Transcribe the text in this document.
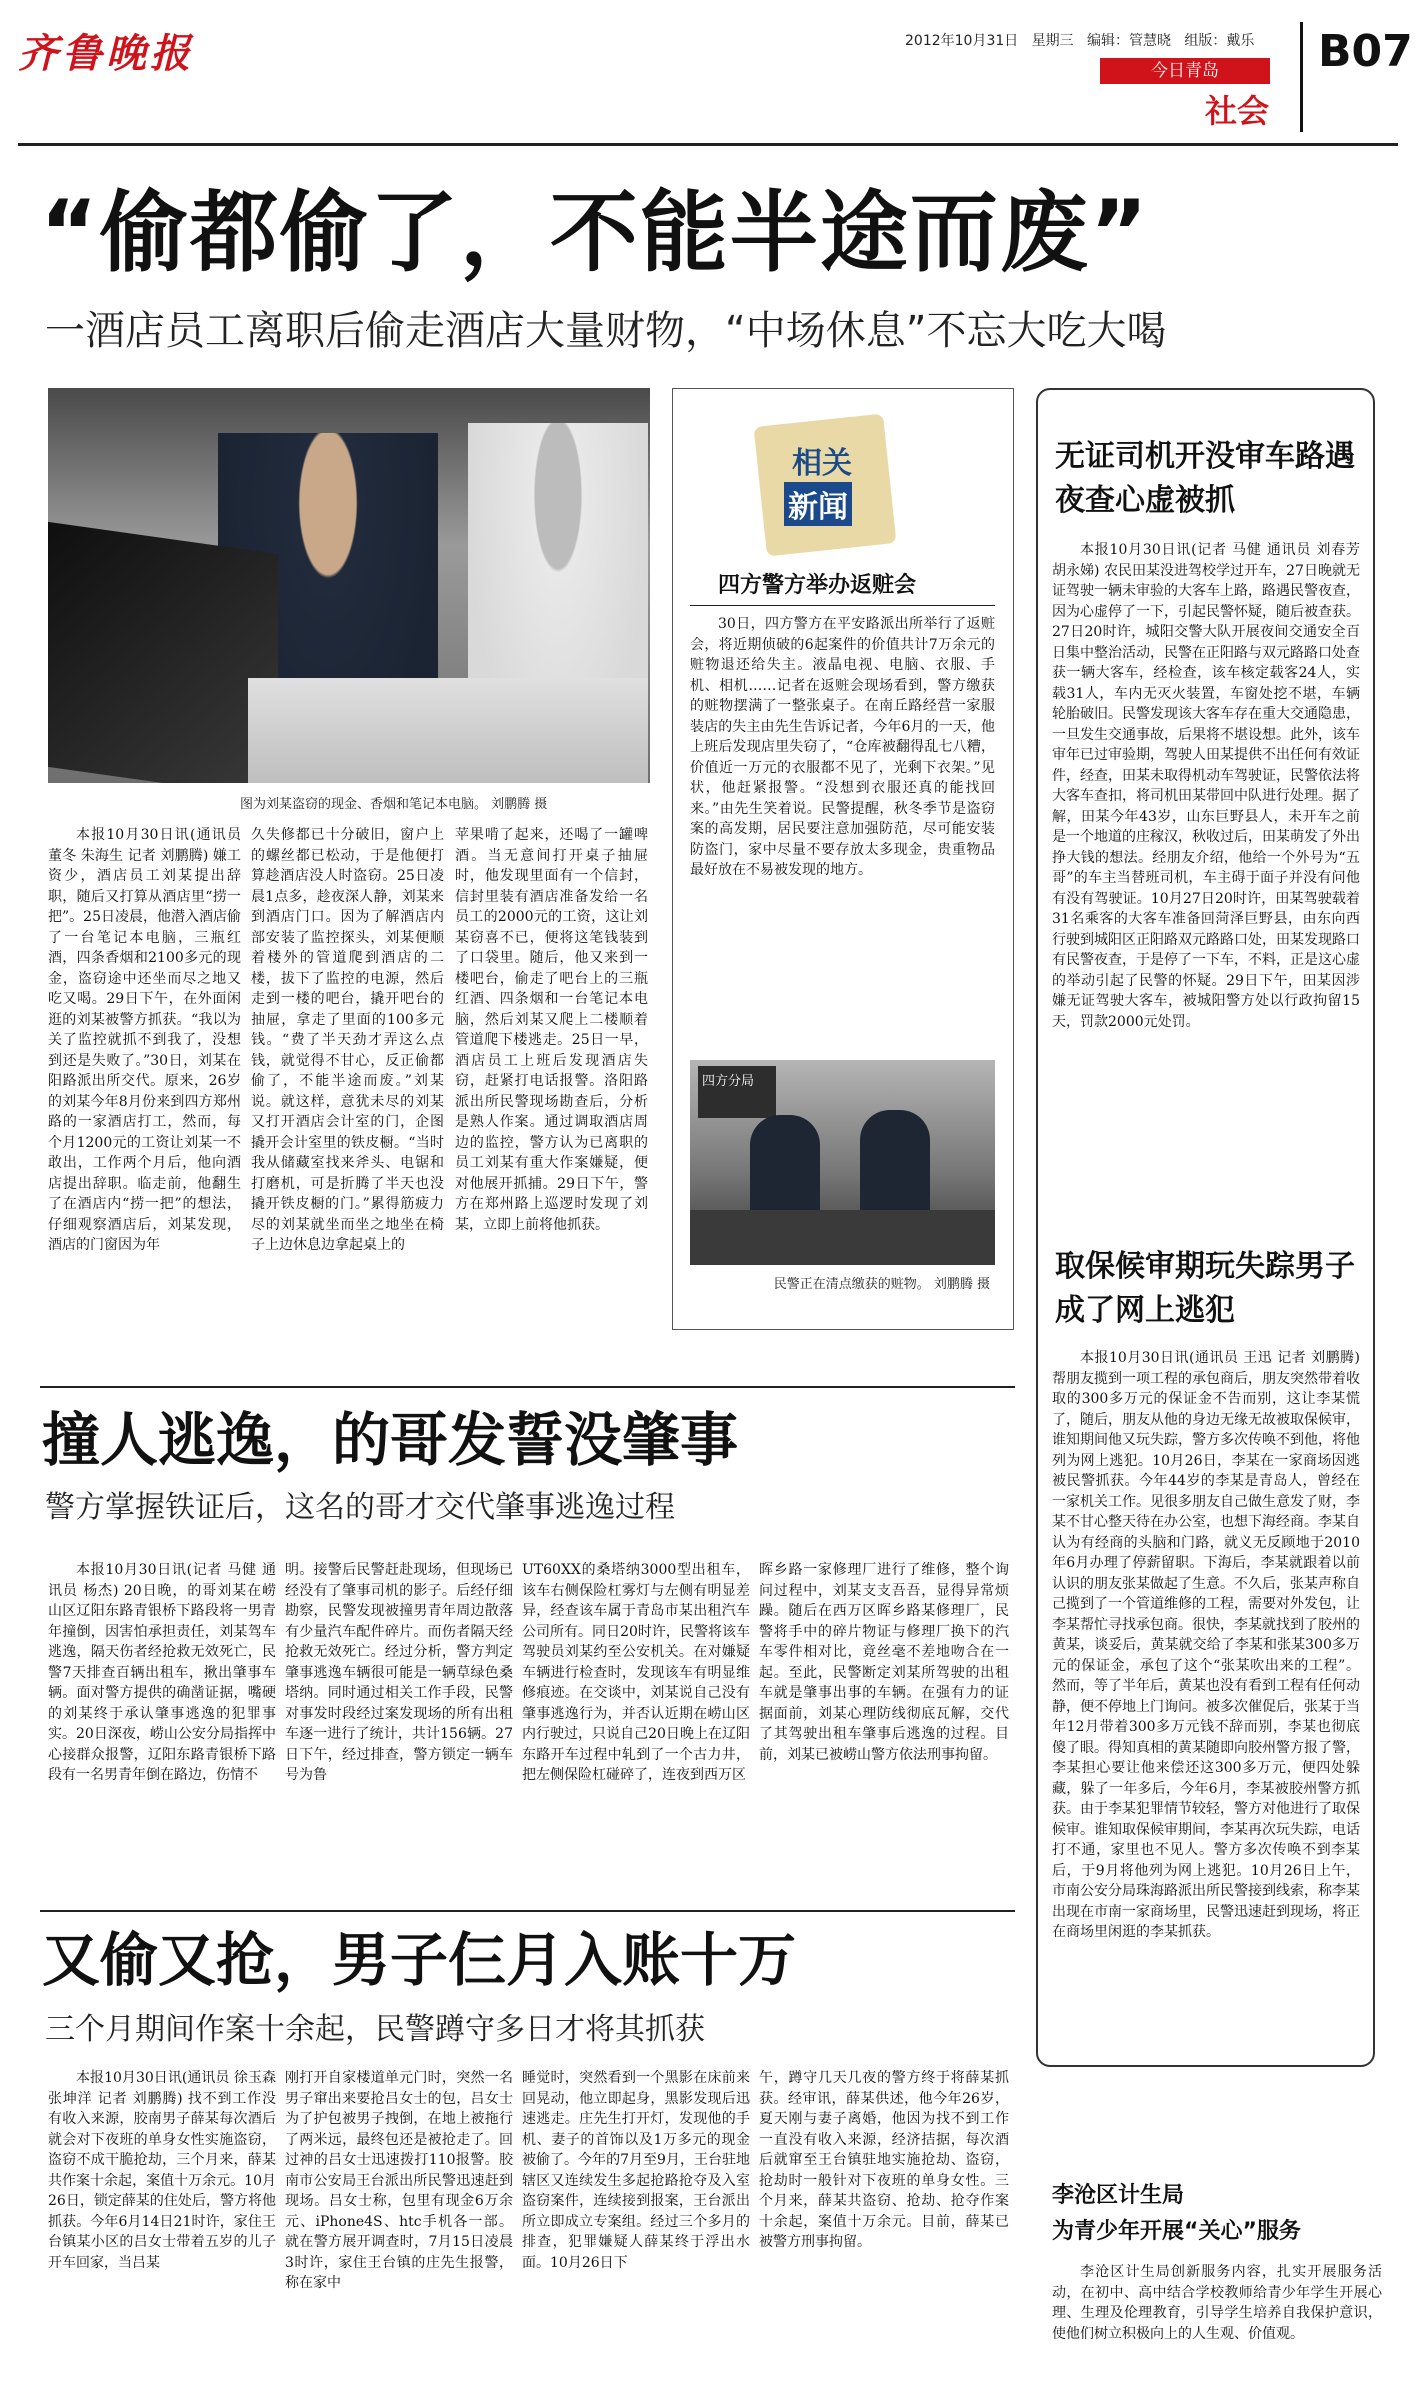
齐鲁晚报	2012年10月31日 星期三 编辑：管慧晓 组版：戴乐
今日青岛
社会
B07
“偷都偷了，不能半途而废”
一酒店员工离职后偷走酒店大量财物，“中场休息”不忘大吃大喝
图为刘某盗窃的现金、香烟和笔记本电脑。 刘鹏腾 摄

本报10月30日讯(通讯员 董冬 朱海生 记者 刘鹏腾) 嫌工资少，酒店员工刘某提出辞职，随后又打算从酒店里“捞一把”。25日凌晨，他潜入酒店偷了一台笔记本电脑，三瓶红酒，四条香烟和2100多元的现金，盗窃途中还坐而尽之地又吃又喝。29日下午，在外面闲逛的刘某被警方抓获。“我以为关了监控就抓不到我了，没想到还是失败了。”30日，刘某在阳路派出所交代。原来，26岁的刘某今年8月份来到四方郑州路的一家酒店打工，然而，每个月1200元的工资让刘某一不敢出，工作两个月后，他向酒店提出辞职。临走前，他翻生了在酒店内“捞一把”的想法，仔细观察酒店后，刘某发现，酒店的门窗因为年

久失修都已十分破旧，窗户上的螺丝都已松动，于是他便打算趁酒店没人时盗窃。25日凌晨1点多，趁夜深人静，刘某来到酒店门口。因为了解酒店内部安装了监控探头，刘某便顺着楼外的管道爬到酒店的二楼，拔下了监控的电源，然后走到一楼的吧台，撬开吧台的抽屉，拿走了里面的100多元钱。“费了半天劲才弄这么点钱，就觉得不甘心，反正偷都偷了，不能半途而废。”刘某说。就这样，意犹未尽的刘某又打开酒店会计室的门，企图撬开会计室里的铁皮橱。“当时我从储藏室找来斧头、电锯和打磨机，可是折腾了半天也没撬开铁皮橱的门。”累得筋疲力尽的刘某就坐而坐之地坐在椅子上边休息边拿起桌上的

苹果啃了起来，还喝了一罐啤酒。当无意间打开桌子抽屉时，他发现里面有一个信封，信封里装有酒店准备发给一名员工的2000元的工资，这让刘某窃喜不已，便将这笔钱装到了口袋里。随后，他又来到一楼吧台，偷走了吧台上的三瓶红酒、四条烟和一台笔记本电脑，然后刘某又爬上二楼顺着管道爬下楼逃走。25日一早，酒店员工上班后发现酒店失窃，赶紧打电话报警。洛阳路派出所民警现场勘查后，分析是熟人作案。通过调取酒店周边的监控，警方认为已离职的员工刘某有重大作案嫌疑，便对他展开抓捕。29日下午，警方在郑州路上巡逻时发现了刘某，立即上前将他抓获。

相关
新闻
四方警方举办返赃会

30日，四方警方在平安路派出所举行了返赃会，将近期侦破的6起案件的价值共计7万余元的赃物退还给失主。液晶电视、电脑、衣服、手机、相机……记者在返赃会现场看到，警方缴获的赃物摆满了一整张桌子。在南丘路经营一家服装店的失主由先生告诉记者，今年6月的一天，他上班后发现店里失窃了，“仓库被翻得乱七八糟，价值近一万元的衣服都不见了，光剩下衣架。”见状，他赶紧报警。“没想到衣服还真的能找回来。”由先生笑着说。民警提醒，秋冬季节是盗窃案的高发期，居民要注意加强防范，尽可能安装防盗门，家中尽量不要存放太多现金，贵重物品最好放在不易被发现的地方。

四方分局
民警正在清点缴获的赃物。 刘鹏腾 摄
撞人逃逸，的哥发誓没肇事
警方掌握铁证后，这名的哥才交代肇事逃逸过程

本报10月30日讯(记者 马健 通讯员 杨杰) 20日晚，的哥刘某在崂山区辽阳东路青银桥下路段将一男青年撞倒，因害怕承担责任，刘某驾车逃逸，隔天伤者经抢救无效死亡，民警7天排查百辆出租车，揪出肇事车辆。面对警方提供的确凿证据，嘴硬的刘某终于承认肇事逃逸的犯罪事实。20日深夜，崂山公安分局指挥中心接群众报警，辽阳东路青银桥下路段有一名男青年倒在路边，伤情不

明。接警后民警赶赴现场，但现场已经没有了肇事司机的影子。后经仔细勘察，民警发现被撞男青年周边散落有少量汽车配件碎片。而伤者隔天经抢救无效死亡。经过分析，警方判定肇事逃逸车辆很可能是一辆草绿色桑塔纳。同时通过相关工作手段，民警对事发时段经过案发现场的所有出租车逐一进行了统计，共计156辆。27日下午，经过排查，警方锁定一辆车号为鲁

UT60XX的桑塔纳3000型出租车，该车右侧保险杠雾灯与左侧有明显差异，经查该车属于青岛市某出租汽车公司所有。同日20时许，民警将该车驾驶员刘某约至公安机关。在对嫌疑车辆进行检查时，发现该车有明显维修痕迹。在交谈中，刘某说自己没有肇事逃逸行为，并否认近期在崂山区内行驶过，只说自己20日晚上在辽阳东路开车过程中轧到了一个古力井，把左侧保险杠碰碎了，连夜到西万区

晖乡路一家修理厂进行了维修，整个询问过程中，刘某支支吾吾，显得异常烦躁。随后在西万区晖乡路某修理厂，民警将手中的碎片物证与修理厂换下的汽车零件相对比，竟丝毫不差地吻合在一起。至此，民警断定刘某所驾驶的出租车就是肇事出事的车辆。在强有力的证据面前，刘某心理防线彻底瓦解，交代了其驾驶出租车肇事后逃逸的过程。目前，刘某已被崂山警方依法刑事拘留。

又偷又抢，男子仨月入账十万
三个月期间作案十余起，民警蹲守多日才将其抓获

本报10月30日讯(通讯员 徐玉森 张坤洋 记者 刘鹏腾) 找不到工作没有收入来源，胶南男子薛某每次酒后就会对下夜班的单身女性实施盗窃，盗窃不成干脆抢劫，三个月来，薛某共作案十余起，案值十万余元。10月26日，锁定薛某的住处后，警方将他抓获。今年6月14日21时许，家住王台镇某小区的吕女士带着五岁的儿子开车回家，当吕某

刚打开自家楼道单元门时，突然一名男子窜出来要抢吕女士的包，吕女士为了护包被男子拽倒，在地上被拖行了两米远，最终包还是被抢走了。回过神的吕女士迅速拨打110报警。胶南市公安局王台派出所民警迅速赶到现场。吕女士称，包里有现金6万余元、iPhone4S、htc手机各一部。就在警方展开调查时，7月15日凌晨3时许，家住王台镇的庄先生报警，称在家中

睡觉时，突然看到一个黑影在床前来回晃动，他立即起身，黑影发现后迅速逃走。庄先生打开灯，发现他的手机、妻子的首饰以及1万多元的现金被偷了。今年的7月至9月，王台驻地辖区又连续发生多起抢路抢夺及入室盗窃案件，连续接到报案，王台派出所立即成立专案组。经过三个多月的排查，犯罪嫌疑人薛某终于浮出水面。10月26日下

午，蹲守几天几夜的警方终于将薛某抓获。经审讯，薛某供述，他今年26岁，夏天刚与妻子离婚，他因为找不到工作一直没有收入来源，经济拮据，每次酒后就窜至王台镇驻地实施抢劫、盗窃，抢劫时一般针对下夜班的单身女性。三个月来，薛某共盗窃、抢劫、抢夺作案十余起，案值十万余元。目前，薛某已被警方刑事拘留。

无证司机开没审车路遇夜查心虚被抓

本报10月30日讯(记者 马健 通讯员 刘春芳 胡永娣) 农民田某没进驾校学过开车，27日晚就无证驾驶一辆未审验的大客车上路，路遇民警夜查，因为心虚停了一下，引起民警怀疑，随后被查获。27日20时许，城阳交警大队开展夜间交通安全百日集中整治活动，民警在正阳路与双元路路口处查获一辆大客车，经检查，该车核定载客24人，实载31人，车内无灭火装置，车窗处挖不堪，车辆轮胎破旧。民警发现该大客车存在重大交通隐患，一旦发生交通事故，后果将不堪设想。此外，该车审年已过审验期，驾驶人田某提供不出任何有效证件，经查，田某未取得机动车驾驶证，民警依法将大客车查扣，将司机田某带回中队进行处理。据了解，田某今年43岁，山东巨野县人，未开车之前是一个地道的庄稼汉，秋收过后，田某萌发了外出挣大钱的想法。经朋友介绍，他给一个外号为“五哥”的车主当替班司机，车主碍于面子并没有问他有没有驾驶证。10月27日20时许，田某驾驶载着31名乘客的大客车准备回菏泽巨野县，由东向西行驶到城阳区正阳路双元路路口处，田某发现路口有民警夜查，于是停了一下车，不料，正是这心虚的举动引起了民警的怀疑。29日下午，田某因涉嫌无证驾驶大客车，被城阳警方处以行政拘留15天，罚款2000元处罚。

取保候审期玩失踪男子成了网上逃犯

本报10月30日讯(通讯员 王迅 记者 刘鹏腾) 帮朋友揽到一项工程的承包商后，朋友突然带着收取的300多万元的保证金不告而别，这让李某慌了，随后，朋友从他的身边无缘无故被取保候审，谁知期间他又玩失踪，警方多次传唤不到他，将他列为网上逃犯。10月26日，李某在一家商场因逃被民警抓获。今年44岁的李某是青岛人，曾经在一家机关工作。见很多朋友自己做生意发了财，李某不甘心整天待在办公室，也想下海经商。李某自认为有经商的头脑和门路，就义无反顾地于2010年6月办理了停薪留职。下海后，李某就跟着以前认识的朋友张某做起了生意。不久后，张某声称自己揽到了一个管道维修的工程，需要对外发包，让李某帮忙寻找承包商。很快，李某就找到了胶州的黄某，谈妥后，黄某就交给了李某和张某300多万元的保证金，承包了这个“张某吹出来的工程”。然而，等了半年后，黄某也没有看到工程有任何动静，便不停地上门询问。被多次催促后，张某于当年12月带着300多万元钱不辞而别，李某也彻底傻了眼。得知真相的黄某随即向胶州警方报了警，李某担心要让他来偿还这300多万元，便四处躲藏，躲了一年多后，今年6月，李某被胶州警方抓获。由于李某犯罪情节较轻，警方对他进行了取保候审。谁知取保候审期间，李某再次玩失踪，电话打不通，家里也不见人。警方多次传唤不到李某后，于9月将他列为网上逃犯。10月26日上午，市南公安分局珠海路派出所民警接到线索，称李某出现在市南一家商场里，民警迅速赶到现场，将正在商场里闲逛的李某抓获。

李沧区计生局
为青少年开展“关心”服务

李沧区计生局创新服务内容，扎实开展服务活动，在初中、高中结合学校教师给青少年学生开展心理、生理及伦理教育，引导学生培养自我保护意识，使他们树立积极向上的人生观、价值观。
